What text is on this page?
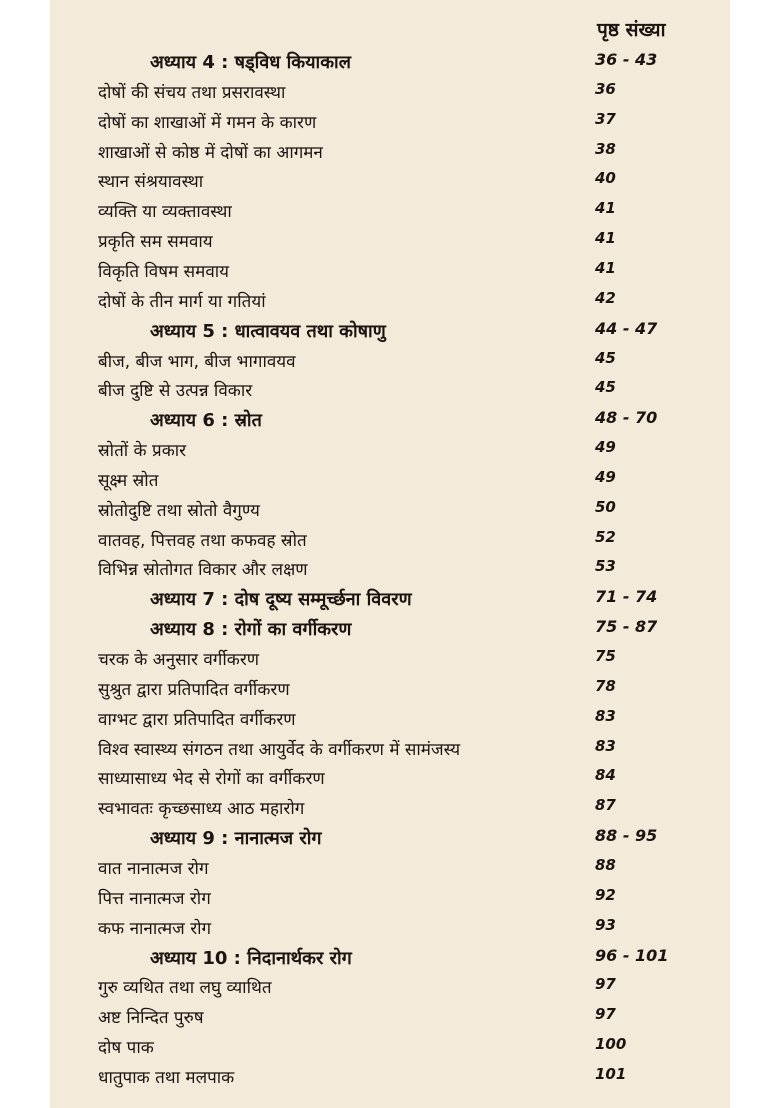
पृष्ठ संख्या
अध्याय 4 : षड्‌विध कियाकाल	36 - 43
दोषों की संचय तथा प्रसरावस्था	36
दोषों का शाखाओं में गमन के कारण	37
शाखाओं से कोष्ठ में दोषों का आगमन	38
स्थान संश्रयावस्था	40
व्यक्ति या व्यक्तावस्था	41
प्रकृति सम समवाय	41
विकृति विषम समवाय	41
दोषों के तीन मार्ग या गतियां	42
अध्याय 5 : धात्वावयव तथा कोषाणु	44 - 47
बीज, बीज भाग, बीज भागावयव	45
बीज दुष्टि से उत्पन्न विकार	45
अध्याय 6 : स्रोत	48 - 70
स्रोतों के प्रकार	49
सूक्ष्म स्रोत	49
स्रोतोदुष्टि तथा स्रोतो वैगुण्य	50
वातवह, पित्तवह तथा कफवह स्रोत	52
विभिन्न स्रोतोगत विकार और लक्षण	53
अध्याय 7 : दोष दूष्य सम्मूर्च्छना विवरण	71 - 74
अध्याय 8 : रोगों का वर्गीकरण	75 - 87
चरक के अनुसार वर्गीकरण	75
सुश्रुत द्वारा प्रतिपादित वर्गीकरण	78
वाग्भट द्वारा प्रतिपादित वर्गीकरण	83
विश्व स्वास्थ्य संगठन तथा आयुर्वेद के वर्गीकरण में सामंजस्य	83
साध्यासाध्य भेद से रोगों का वर्गीकरण	84
स्वभावतः कृच्छसाध्य आठ महारोग	87
अध्याय 9 : नानात्मज रोग	88 - 95
वात नानात्मज रोग	88
पित्त नानात्मज रोग	92
कफ नानात्मज रोग	93
अध्याय 10 : निदानार्थकर रोग	96 - 101
गुरु व्यथित तथा लघु व्याथित	97
अष्ट निन्दित पुरुष	97
दोष पाक	100
धातुपाक तथा मलपाक	101
